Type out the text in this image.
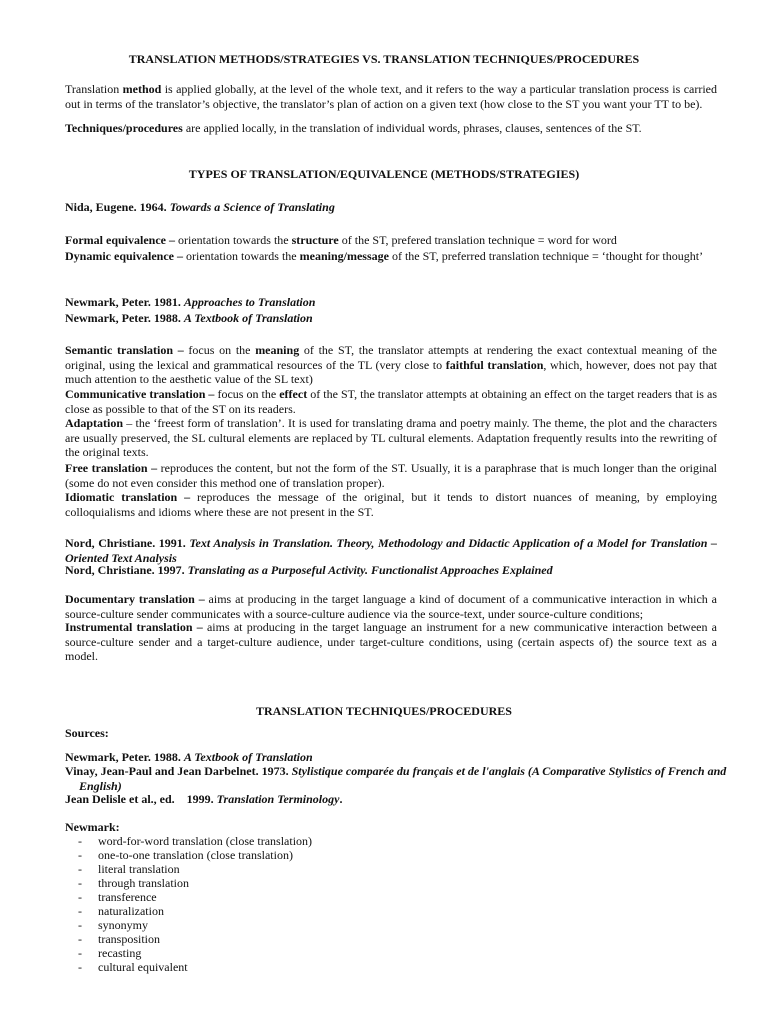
TRANSLATION METHODS/STRATEGIES VS. TRANSLATION TECHNIQUES/PROCEDURES

Translation method is applied globally, at the level of the whole text, and it refers to the way a particular translation process is carried out in terms of the translator’s objective, the translator’s plan of action on a given text (how close to the ST you want your TT to be).

Techniques/procedures are applied locally, in the translation of individual words, phrases, clauses, sentences of the ST.

TYPES OF TRANSLATION/EQUIVALENCE (METHODS/STRATEGIES)

Nida, Eugene. 1964. Towards a Science of Translating

Formal equivalence – orientation towards the structure of the ST, prefered translation technique = word for word

Dynamic equivalence – orientation towards the meaning/message of the ST, preferred translation technique = ‘thought for thought’

Newmark, Peter. 1981. Approaches to Translation

Newmark, Peter. 1988. A Textbook of Translation

Semantic translation – focus on the meaning of the ST, the translator attempts at rendering the exact contextual meaning of the original, using the lexical and grammatical resources of the TL (very close to faithful translation, which, however, does not pay that much attention to the aesthetic value of the SL text)

Communicative translation – focus on the effect of the ST, the translator attempts at obtaining an effect on the target readers that is as close as possible to that of the ST on its readers.

Adaptation – the ‘freest form of translation’. It is used for translating drama and poetry mainly. The theme, the plot and the characters are usually preserved, the SL cultural elements are replaced by TL cultural elements. Adaptation frequently results into the rewriting of the original texts.

Free translation – reproduces the content, but not the form of the ST. Usually, it is a paraphrase that is much longer than the original (some do not even consider this method one of translation proper).

Idiomatic translation – reproduces the message of the original, but it tends to distort nuances of meaning, by employing colloquialisms and idioms where these are not present in the ST.

Nord, Christiane. 1991. Text Analysis in Translation. Theory, Methodology and Didactic Application of a Model for Translation – Oriented Text Analysis

Nord, Christiane. 1997. Translating as a Purposeful Activity. Functionalist Approaches Explained

Documentary translation – aims at producing in the target language a kind of document of a communicative interaction in which a source-culture sender communicates with a source-culture audience via the source-text, under source-culture conditions;

Instrumental translation – aims at producing in the target language an instrument for a new communicative interaction between a source-culture sender and a target-culture audience, under target-culture conditions, using (certain aspects of) the source text as a model.

TRANSLATION TECHNIQUES/PROCEDURES

Sources:

Newmark, Peter. 1988. A Textbook of Translation

Vinay, Jean-Paul and Jean Darbelnet. 1973. Stylistique comparée du français et de l'anglais (A Comparative Stylistics of French and English)

Jean Delisle et al., ed.    1999. Translation Terminology.

Newmark:

- word-for-word translation (close translation)
- one-to-one translation (close translation)
- literal translation
- through translation
- transference
- naturalization
- synonymy
- transposition
- recasting
- cultural equivalent
